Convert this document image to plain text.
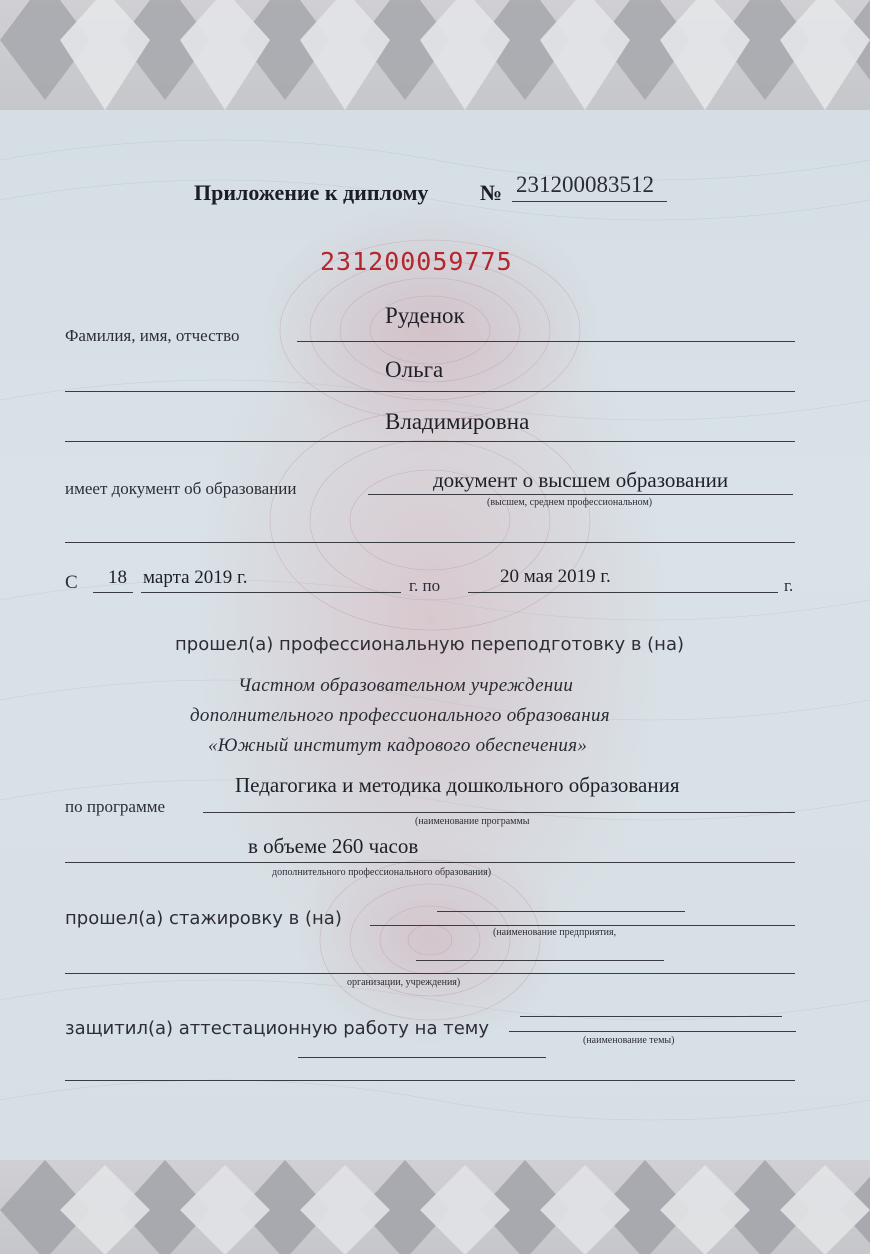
Приложение к диплому № 231200083512
231200059775
Фамилия, имя, отчество
Руденок
Ольга
Владимировна
имеет документ об образовании	документ о высшем образовании
(высшем, среднем профессиональном)
С 18 марта 2019 г.	г. по	20 мая 2019 г.	г.
прошел(а) профессиональную переподготовку в (на)
Частном образовательном учреждении
дополнительного профессионального образования
«Южный институт кадрового обеспечения»
по программе
Педагогика и методика дошкольного образования
(наименование программы
в объеме 260 часов
дополнительного профессионального образования)
прошел(а) стажировку в (на)
(наименование предприятия,
организации, учреждения)
защитил(а) аттестационную работу на тему
(наименование темы)
